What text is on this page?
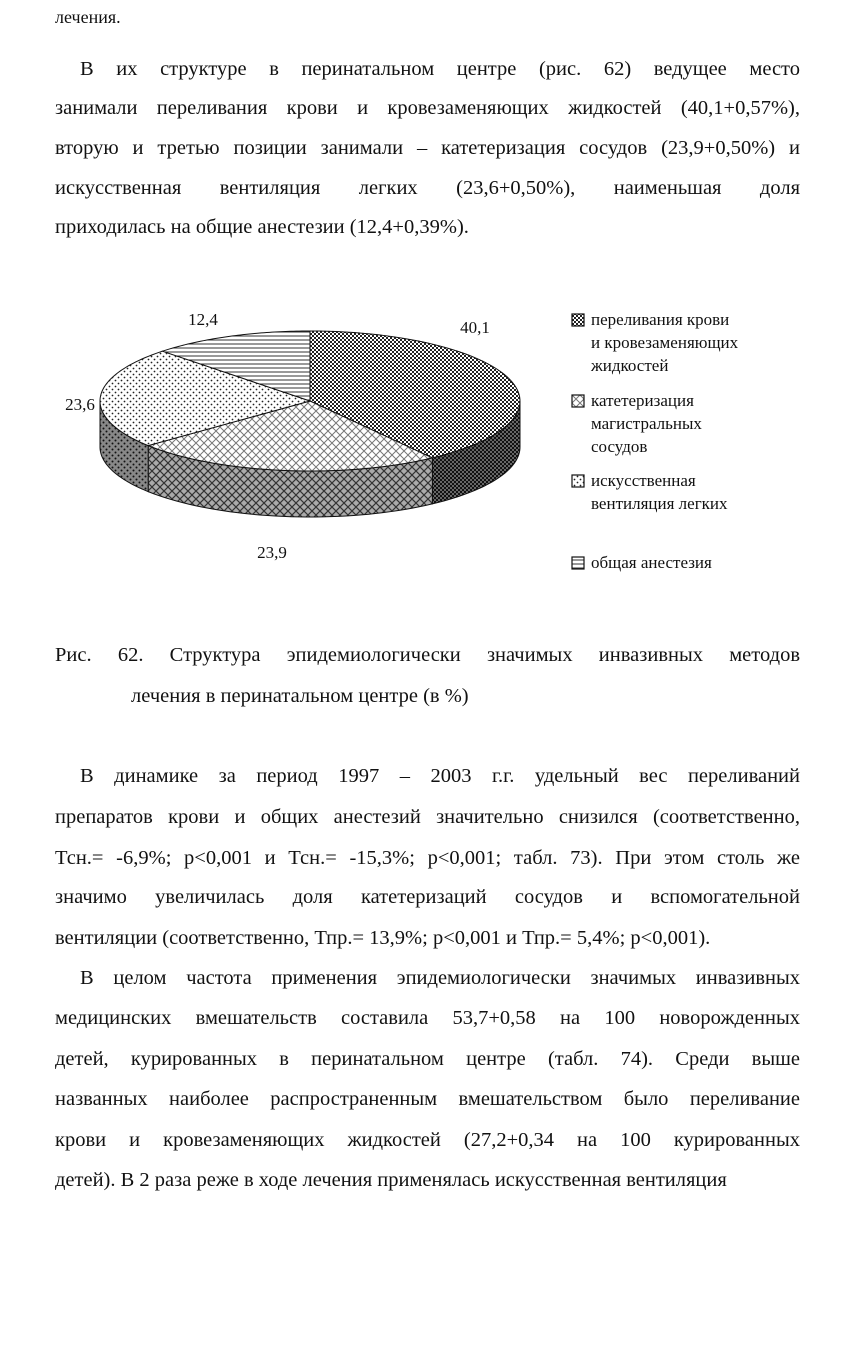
лечения.
В их структуре в перинатальном центре (рис. 62) ведущее место
занимали переливания крови и кровезаменяющих жидкостей (40,1+0,57%),
вторую и третью позиции занимали – катетеризация сосудов (23,9+0,50%) и
искусственная вентиляция легких (23,6+0,50%), наименьшая доля
приходилась на общие анестезии (12,4+0,39%).
40,1
23,9
23,6
12,4	переливания крови
и кровезаменяющих
жидкостей
катетеризация
магистральных
сосудов
искусственная
вентиляция легких
общая анестезия
Рис. 62. Структура эпидемиологически значимых инвазивных методов
лечения в перинатальном центре (в %)
В динамике за период 1997 – 2003 г.г. удельный вес переливаний
препаратов крови и общих анестезий значительно снизился (соответственно,
Тсн.= -6,9%; р<0,001 и Тсн.= -15,3%; р<0,001; табл. 73). При этом столь же
значимо увеличилась доля катетеризаций сосудов и вспомогательной
вентиляции (соответственно, Тпр.= 13,9%; р<0,001 и Тпр.= 5,4%; р<0,001).
В целом частота применения эпидемиологически значимых инвазивных
медицинских вмешательств составила 53,7+0,58 на 100 новорожденных
детей, курированных в перинатальном центре (табл. 74). Среди выше
названных наиболее распространенным вмешательством было переливание
крови и кровезаменяющих жидкостей (27,2+0,34 на 100 курированных
детей). В 2 раза реже в ходе лечения применялась искусственная вентиляция
